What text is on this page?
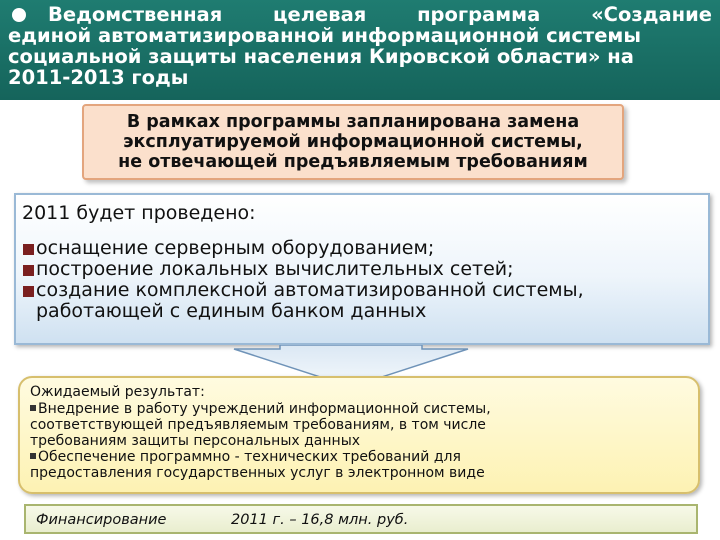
Ведомственная	целевая	программа	«Создание
единой автоматизированной информационной системы
социальной защиты населения Кировской области» на
2011-2013 годы
В рамках программы запланирована замена
эксплуатируемой информационной системы,
не отвечающей предъявляемым требованиям
2011 будет проведено:
оснащение серверным оборудованием;
построение локальных вычислительных сетей;
создание комплексной автоматизированной системы,
работающей с единым банком данных
Ожидаемый результат:
Внедрение в работу учреждений информационной системы,
соответствующей предъявляемым требованиям, в том числе
требованиям защиты персональных данных
Обеспечение программно - технических требований для
предоставления государственных услуг в электронном виде
Финансирование	2011 г. – 16,8 млн. руб.
